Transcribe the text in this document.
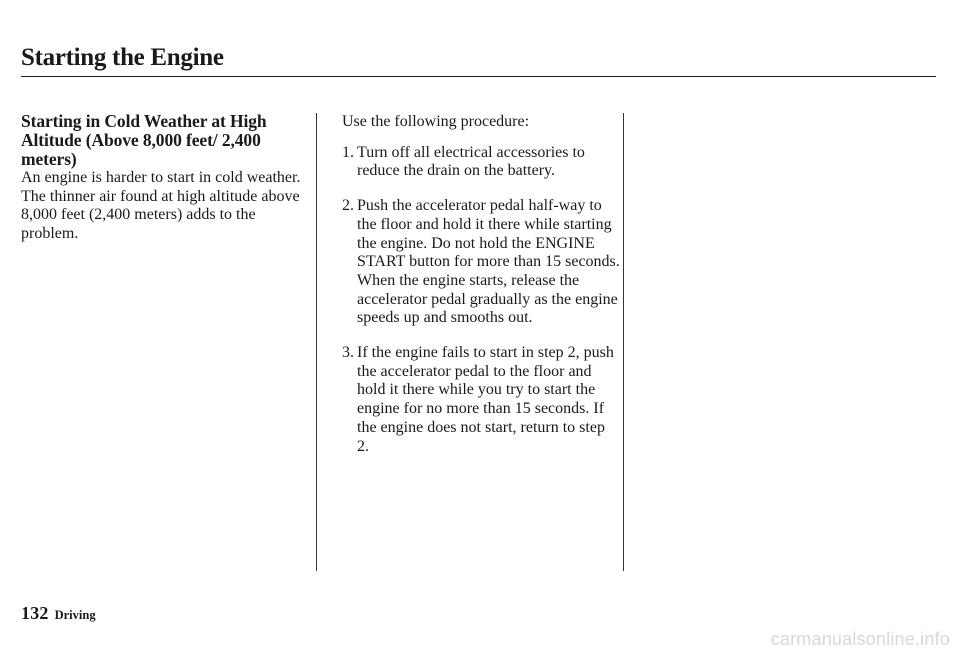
Starting the Engine
Starting in Cold Weather at High Altitude (Above 8,000 feet/ 2,400 meters)

An engine is harder to start in cold weather. The thinner air found at high altitude above 8,000 feet (2,400 meters) adds to the problem.

Use the following procedure:

1. Turn off all electrical accessories to reduce the drain on the battery.
2. Push the accelerator pedal half-way to the floor and hold it there while starting the engine. Do not hold the ENGINE START button for more than 15 seconds. When the engine starts, release the accelerator pedal gradually as the engine speeds up and smooths out.
3. If the engine fails to start in step 2, push the accelerator pedal to the floor and hold it there while you try to start the engine for no more than 15 seconds. If the engine does not start, return to step 2.
132 Driving
carmanualsonline.info
